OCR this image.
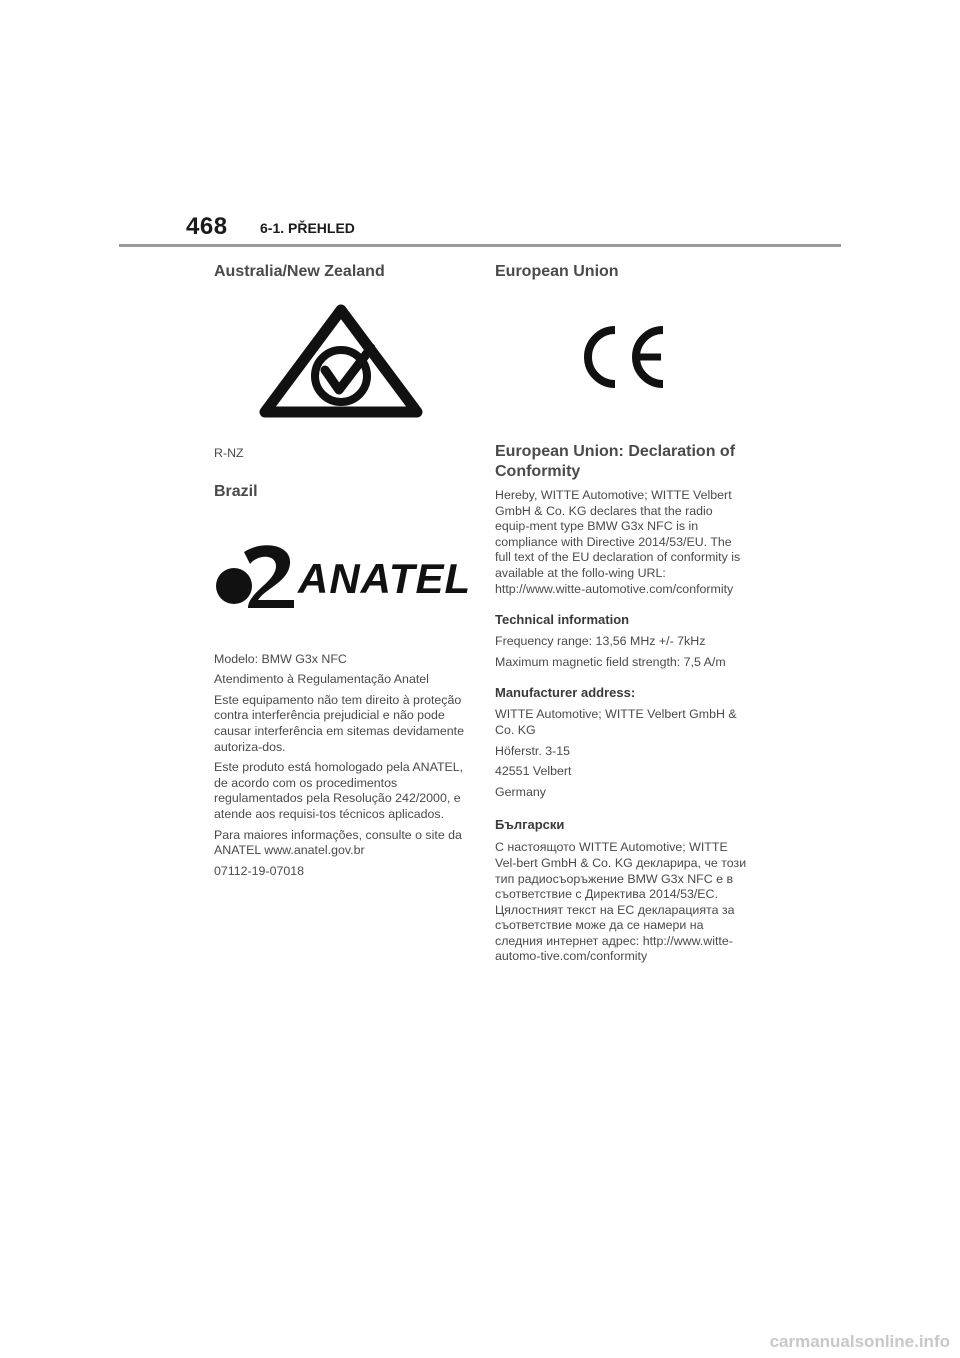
468 6-1. PŘEHLED
Australia/New Zealand

R-NZ

Brazil
ANATEL

Modelo: BMW G3x NFC

Atendimento à Regulamentação Anatel

Este equipamento não tem direito à proteção contra interferência prejudicial e não pode causar interferência em sitemas devidamente autoriza-dos.

Este produto está homologado pela ANATEL, de acordo com os procedimentos regulamentados pela Resolução 242/2000, e atende aos requisi-tos técnicos aplicados.

Para maiores informações, consulte o site da ANATEL www.anatel.gov.br

07112-19-07018

European Union
European Union: Declaration of Conformity

Hereby, WITTE Automotive; WITTE Velbert GmbH & Co. KG declares that the radio equip-ment type BMW G3x NFC is in compliance with Directive 2014/53/EU. The full text of the EU declaration of conformity is available at the follo-wing URL: http://www.witte-automotive.com/conformity

Technical information

Frequency range: 13,56 MHz +/- 7kHz

Maximum magnetic field strength: 7,5 A/m

Manufacturer address:

WITTE Automotive; WITTE Velbert GmbH & Co. KG

Höferstr. 3-15

42551 Velbert

Germany

Български

С настоящото WITTE Automotive; WITTE Vel-bert GmbH & Co. KG декларира, че този тип радиосъоръжение BMW G3x NFC е в съответствие с Директива 2014/53/ЕС. Цялостният текст на ЕС декларацията за съответствие може да се намери на следния интернет адрес: http://www.witte-automo-tive.com/conformity

carmanualsonline.info
